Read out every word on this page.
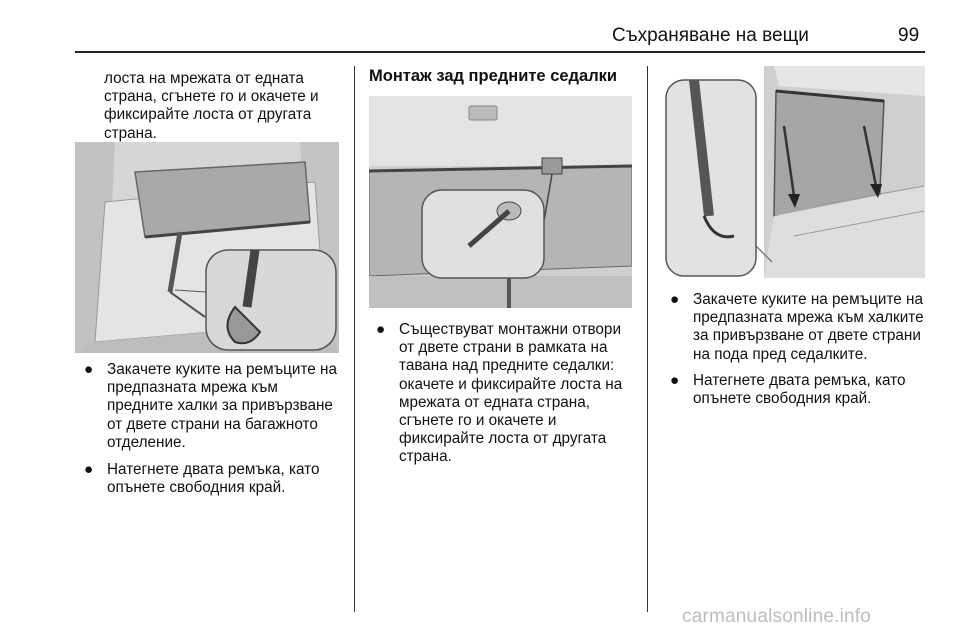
Съхраняване на вещи	99

лоста на мрежата от едната страна, сгънете го и окачете и фиксирайте лоста от другата страна.

● Закачете куките на ремъците на предпазната мрежа към предните халки за привързване от двете страни на багажното отделение.
● Натегнете двата ремъка, като опънете свободния край.

Монтаж зад предните седалки

● Съществуват монтажни отвори от двете страни в рамката на тавана над предните седалки: окачете и фиксирайте лоста на мрежата от едната страна, сгънете го и окачете и фиксирайте лоста от другата страна.
● Закачете куките на ремъците на предпазната мрежа към халките за привързване от двете страни на пода пред седалките.
● Натегнете двата ремъка, като опънете свободния край.
carmanualsonline.info
